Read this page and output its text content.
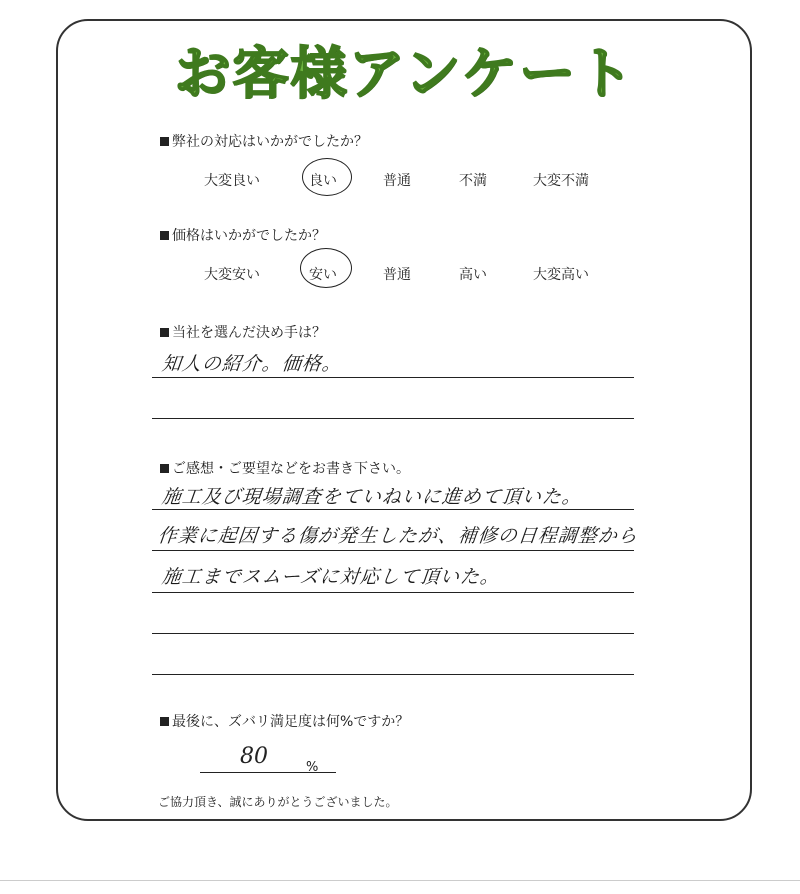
お客様アンケート
弊社の対応はいかがでしたか？
大変良い	良い	普通	不満	大変不満
価格はいかがでしたか？
大変安い	安い	普通	高い	大変高い
当社を選んだ決め手は？
知人の紹介。価格。
ご感想・ご要望などをお書き下さい。
施工及び現場調査をていねいに進めて頂いた。
作業に起因する傷が発生したが、補修の日程調整から
施工までスムーズに対応して頂いた。
最後に、ズバリ満足度は何%ですか？
80	%
ご協力頂き、誠にありがとうございました。
